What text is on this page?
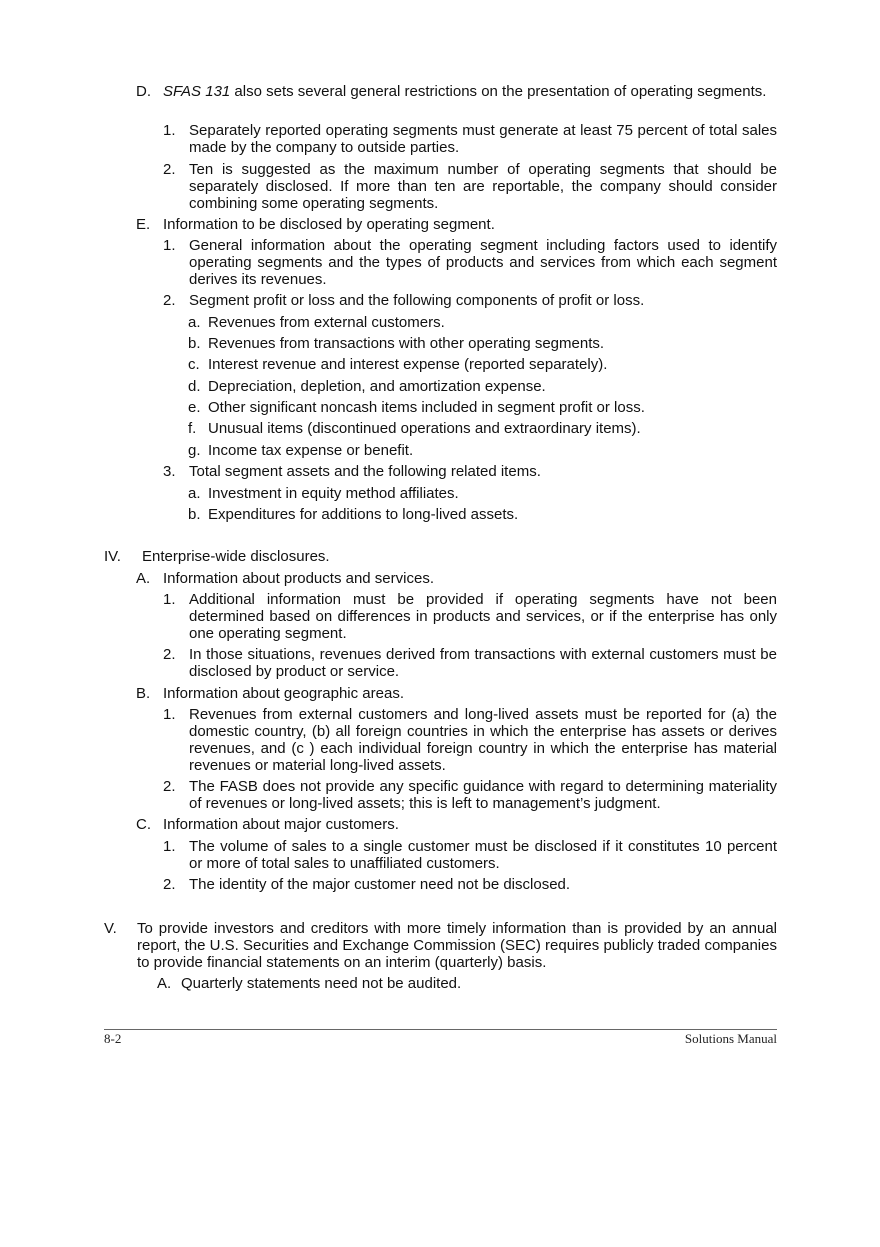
D. SFAS 131 also sets several general restrictions on the presentation of operating segments.
1. Separately reported operating segments must generate at least 75 percent of total sales made by the company to outside parties.
2. Ten is suggested as the maximum number of operating segments that should be separately disclosed. If more than ten are reportable, the company should consider combining some operating segments.
E. Information to be disclosed by operating segment.
1. General information about the operating segment including factors used to identify operating segments and the types of products and services from which each segment derives its revenues.
2. Segment profit or loss and the following components of profit or loss.
a. Revenues from external customers.
b. Revenues from transactions with other operating segments.
c. Interest revenue and interest expense (reported separately).
d. Depreciation, depletion, and amortization expense.
e. Other significant noncash items included in segment profit or loss.
f. Unusual items (discontinued operations and extraordinary items).
g. Income tax expense or benefit.
3. Total segment assets and the following related items.
a. Investment in equity method affiliates.
b. Expenditures for additions to long-lived assets.
IV. Enterprise-wide disclosures.
A. Information about products and services.
1. Additional information must be provided if operating segments have not been determined based on differences in products and services, or if the enterprise has only one operating segment.
2. In those situations, revenues derived from transactions with external customers must be disclosed by product or service.
B. Information about geographic areas.
1. Revenues from external customers and long-lived assets must be reported for (a) the domestic country, (b) all foreign countries in which the enterprise has assets or derives revenues, and (c ) each individual foreign country in which the enterprise has material revenues or material long-lived assets.
2. The FASB does not provide any specific guidance with regard to determining materiality of revenues or long-lived assets; this is left to management’s judgment.
C. Information about major customers.
1. The volume of sales to a single customer must be disclosed if it constitutes 10 percent or more of total sales to unaffiliated customers.
2. The identity of the major customer need not be disclosed.
V. To provide investors and creditors with more timely information than is provided by an annual report, the U.S. Securities and Exchange Commission (SEC) requires publicly traded companies to provide financial statements on an interim (quarterly) basis.
A. Quarterly statements need not be audited.
8-2	Solutions Manual
